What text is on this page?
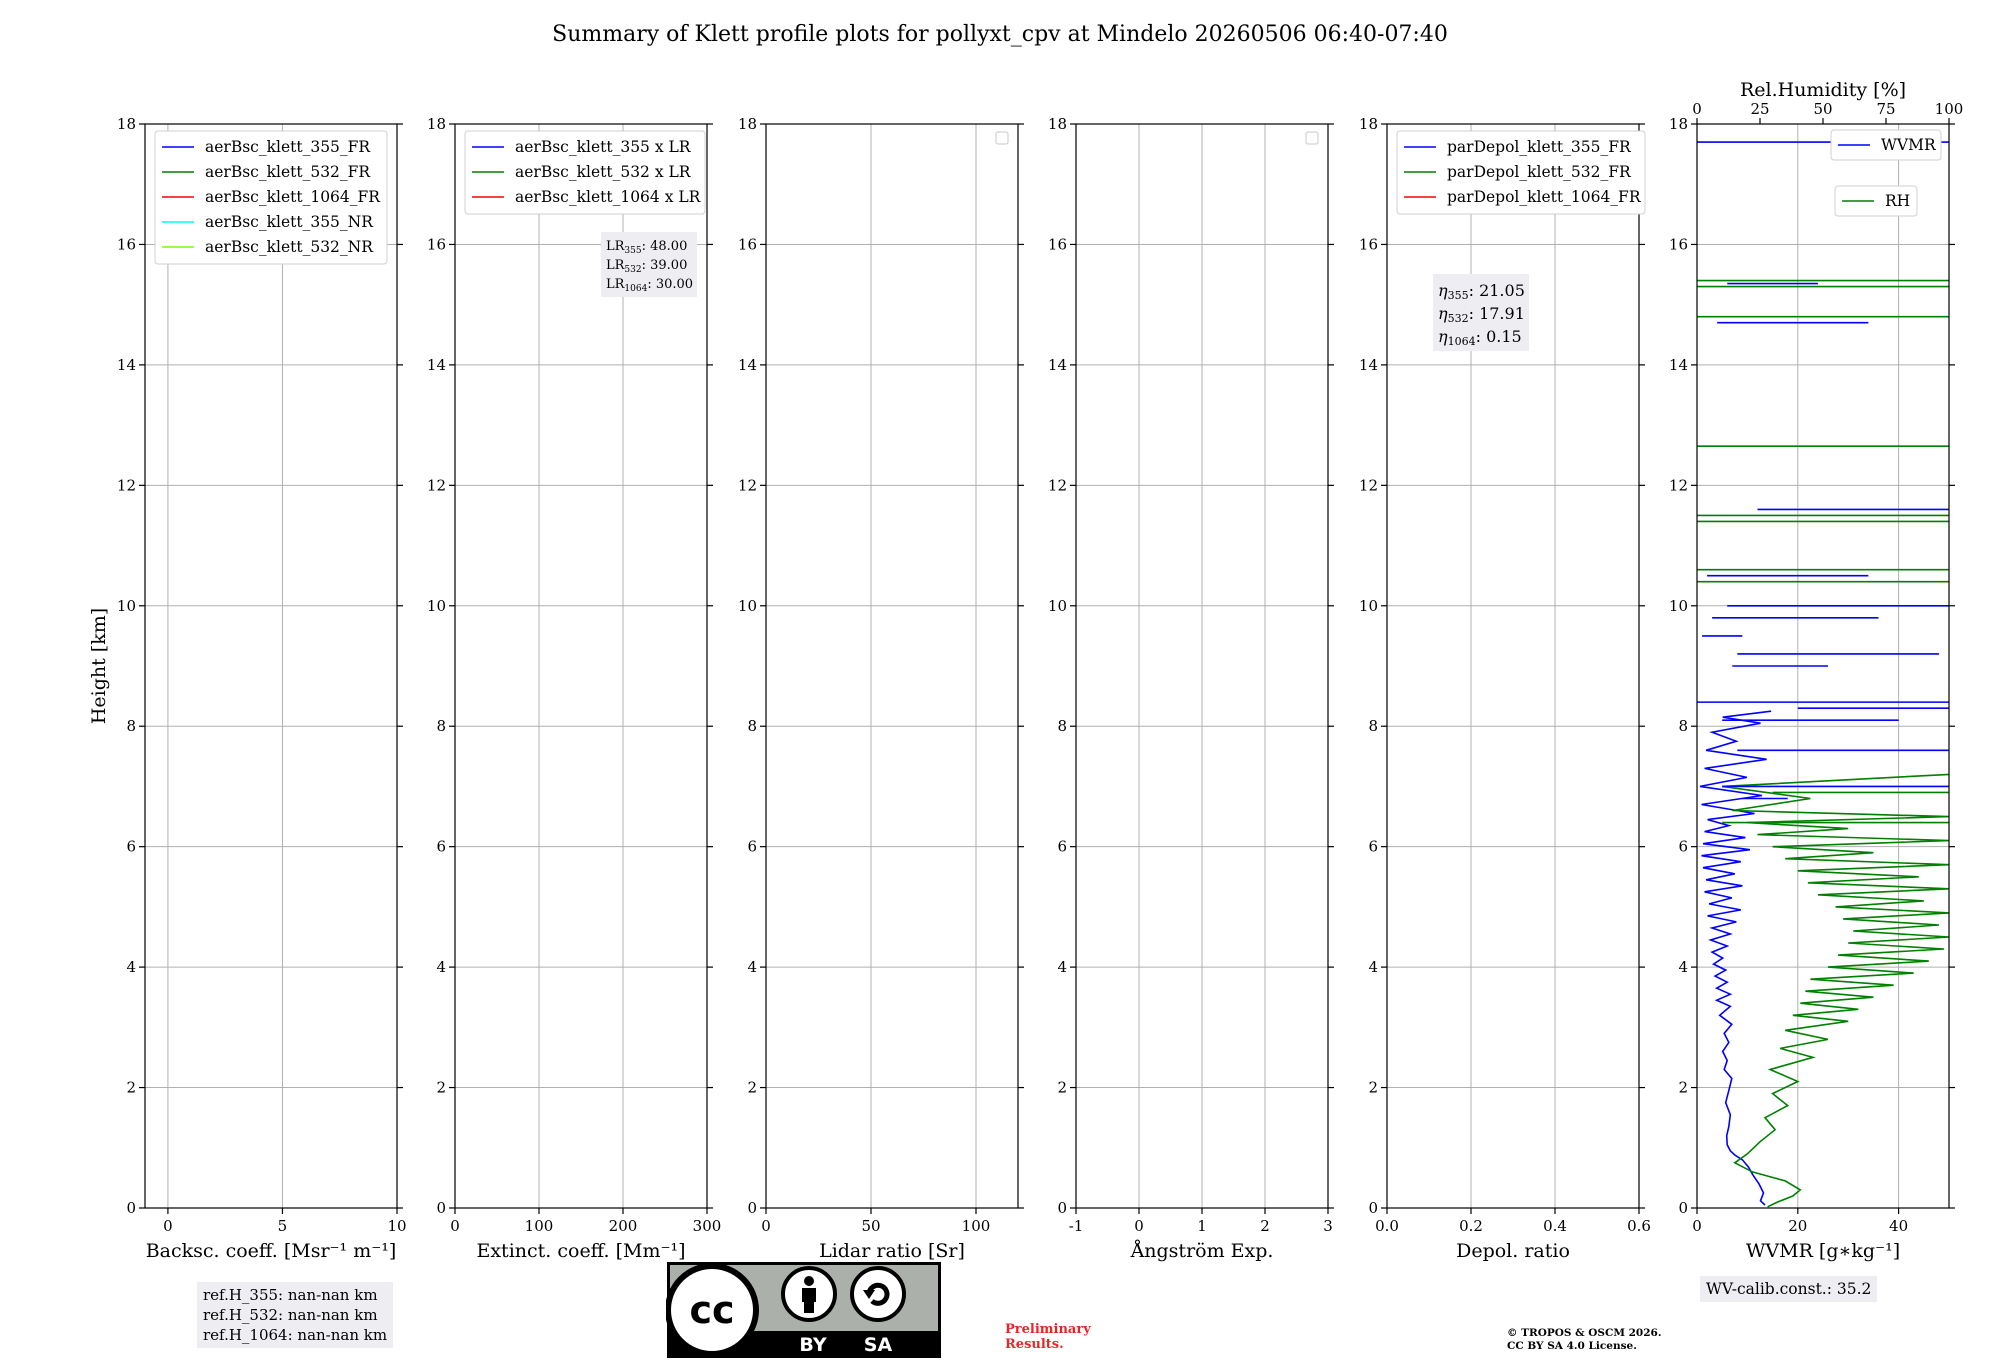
Summary of Klett profile plots for pollyxt_cpv at Mindelo 20260506 06:40-07:40
0
2
4
6
8
10
12
14
16
18
0	5	10
Backsc. coeff. [Msr⁻¹ m⁻¹]
Height [km]
aerBsc_klett_355_FR
aerBsc_klett_532_FR
aerBsc_klett_1064_FR
aerBsc_klett_355_NR
aerBsc_klett_532_NR
0
2
4
6
8
10
12
14
16
18
0	100	200	300
Extinct. coeff. [Mm⁻¹]
aerBsc_klett_355 x LR
aerBsc_klett_532 x LR
aerBsc_klett_1064 x LR
$LR_{355}$: 48.00
$LR_{532}$: 39.00
$LR_{1064}$: 30.00
0
2
4
6
8
10
12
14
16
18
0	50	100
Lidar ratio [Sr]
0
2
4
6
8
10
12
14
16
18
-1	0	1	2	3
Ångström Exp.
0
2
4
6
8
10
12
14
16
18
0.0	0.2	0.4	0.6
Depol. ratio
parDepol_klett_355_FR
parDepol_klett_532_FR
parDepol_klett_1064_FR
η355: 21.05
η532: 17.91
η1064: 0.15
0
2
4
6
8
10
12
14
16
18
0	20	40
WVMR [g∗kg⁻¹]
0	25	50	75	100
Rel.Humidity [%]
WVMR
RH
ref.H_355: nan-nan km
ref.H_532: nan-nan km
ref.H_1064: nan-nan km
WV-calib.const.: 35.2
Preliminary
Results.
© TROPOS & OSCM 2026.
CC BY SA 4.0 License.
cc
BY SA
